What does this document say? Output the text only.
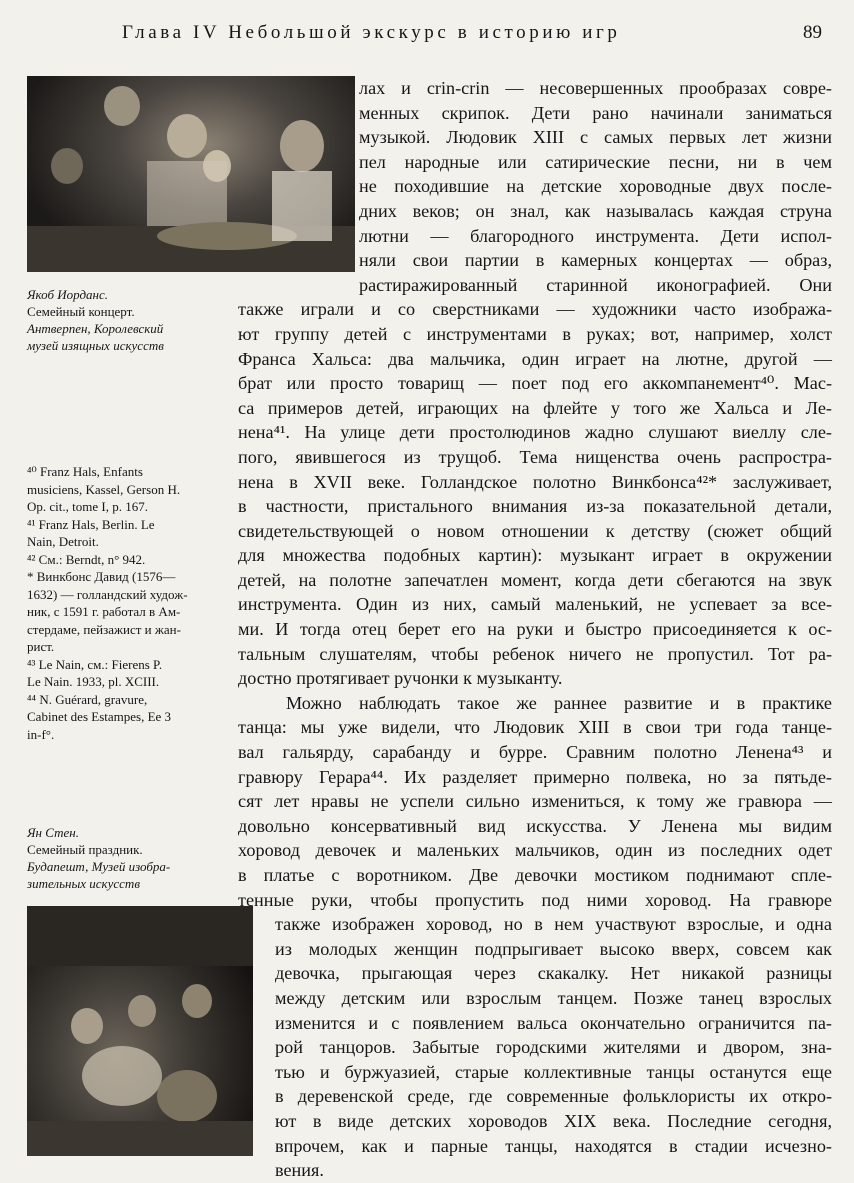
Глава IV Небольшой экскурс в историю игр	89
Якоб Иорданс.
Семейный концерт.
Антверпен, Королевский
музей изящных искусств
⁴⁰ Franz Hals, Enfants
musiciens, Kassel, Gerson H.
Op. cit., tome I, p. 167.
⁴¹ Franz Hals, Berlin. Le
Nain, Detroit.
⁴² См.: Berndt, n° 942.
* Винкбонс Давид (1576—
1632) — голландский худож-
ник, с 1591 г. работал в Ам-
стердаме, пейзажист и жан-
рист.
⁴³ Le Nain, см.: Fierens P.
Le Nain. 1933, pl. XCIII.
⁴⁴ N. Guérard, gravure,
Cabinet des Estampes, Ee 3
in-f°.
Ян Стен.
Семейный праздник.
Будапешт, Музей изобра-
зительных искусств
лах и crin-crin — несовершенных прообразах совре-
менных скрипок. Дети рано начинали заниматься
музыкой. Людовик XIII с самых первых лет жизни
пел народные или сатирические песни, ни в чем
не походившие на детские хороводные двух после-
дних веков; он знал, как называлась каждая струна
лютни — благородного инструмента. Дети испол-
няли свои партии в камерных концертах — образ,
растиражированный старинной иконографией. Они
также играли и со сверстниками — художники часто изобража-
ют группу детей с инструментами в руках; вот, например, холст
Франса Хальса: два мальчика, один играет на лютне, другой —
брат или просто товарищ — поет под его аккомпанемент⁴⁰. Мас-
са примеров детей, играющих на флейте у того же Хальса и Ле-
нена⁴¹. На улице дети простолюдинов жадно слушают виеллу сле-
пого, явившегося из трущоб. Тема нищенства очень распростра-
нена в XVII веке. Голландское полотно Винкбонса⁴²* заслуживает,
в частности, пристального внимания из-за показательной детали,
свидетельствующей о новом отношении к детству (сюжет общий
для множества подобных картин): музыкант играет в окружении
детей, на полотне запечатлен момент, когда дети сбегаются на звук
инструмента. Один из них, самый маленький, не успевает за все-
ми. И тогда отец берет его на руки и быстро присоединяется к ос-
тальным слушателям, чтобы ребенок ничего не пропустил. Тот ра-
достно протягивает ручонки к музыканту.
Можно наблюдать такое же раннее развитие и в практике
танца: мы уже видели, что Людовик XIII в свои три года танце-
вал гальярду, сарабанду и бурре. Сравним полотно Ленена⁴³ и
гравюру Герара⁴⁴. Их разделяет примерно полвека, но за пятьде-
сят лет нравы не успели сильно измениться, к тому же гравюра —
довольно консервативный вид искусства. У Ленена мы видим
хоровод девочек и маленьких мальчиков, один из последних одет
в платье с воротником. Две девочки мостиком поднимают спле-
тенные руки, чтобы пропустить под ними хоровод. На гравюре
также изображен хоровод, но в нем участвуют взрослые, и одна
из молодых женщин подпрыгивает высоко вверх, совсем как
девочка, прыгающая через скакалку. Нет никакой разницы
между детским или взрослым танцем. Позже танец взрослых
изменится и с появлением вальса окончательно ограничится па-
рой танцоров. Забытые городскими жителями и двором, зна-
тью и буржуазией, старые коллективные танцы останутся еще
в деревенской среде, где современные фольклористы их откро-
ют в виде детских хороводов XIX века. Последние сегодня,
впрочем, как и парные танцы, находятся в стадии исчезно-
вения.
